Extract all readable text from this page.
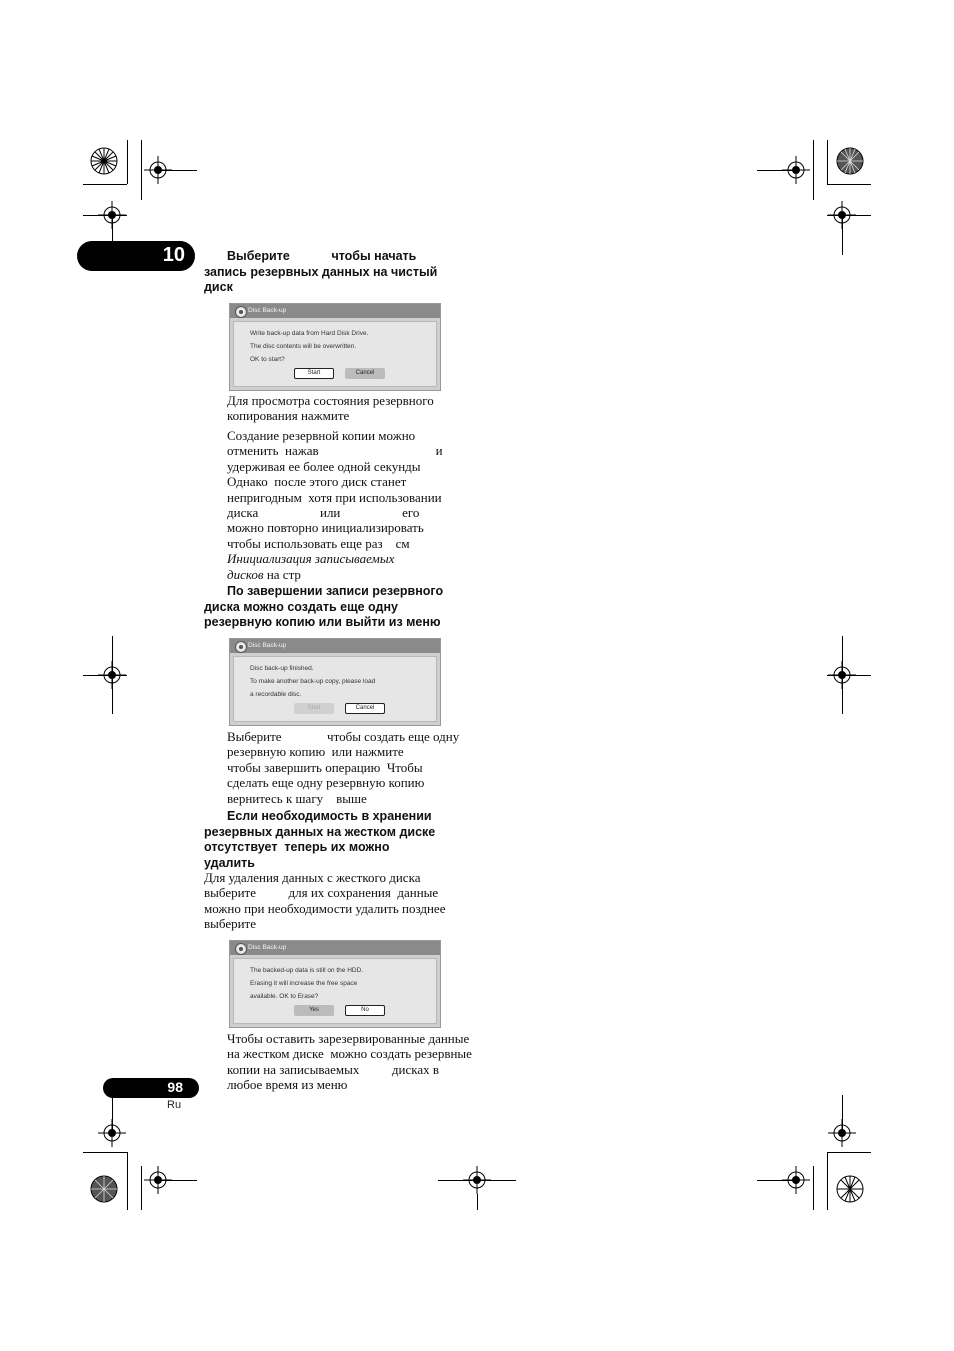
10	Выберите            чтобы начать
запись резервных данных на чистый
диск
Disc Back-up
Write back-up data from Hard Disk Drive.
The disc contents will be overwritten.
OK to start?
Start	Cancel
Для просмотра состояния резервного
копирования нажмите
Создание резервной копии можно
отменить  нажав                                    и
удерживая ее более одной секунды
Однако  после этого диск станет
непригодным  хотя при использовании
диска                   или                   его
можно повторно инициализировать
чтобы использовать еще раз    см
Инициализация записываемых
дисков на стр
По завершении записи резервного
диска можно создать еще одну
резервную копию или выйти из меню
Disc Back-up
Disc back-up finished.
To make another back-up copy, please load
a recordable disc.
Start	Cancel
Выберите              чтобы создать еще одну
резервную копию  или нажмите
чтобы завершить операцию  Чтобы
сделать еще одну резервную копию
вернитесь к шагу    выше
Если необходимость в хранении
резервных данных на жестком диске
отсутствует  теперь их можно
удалить
Для удаления данных с жесткого диска
выберите          для их сохранения  данные
можно при необходимости удалить позднее
выберите
Disc Back-up
The backed-up data is still on the HDD.
Erasing it will increase the free space
available. OK to Erase?
Yes	No
Чтобы оставить зарезервированные данные
на жестком диске  можно создать резервные
копии на записываемых          дисках в
любое время из меню
98
Ru
